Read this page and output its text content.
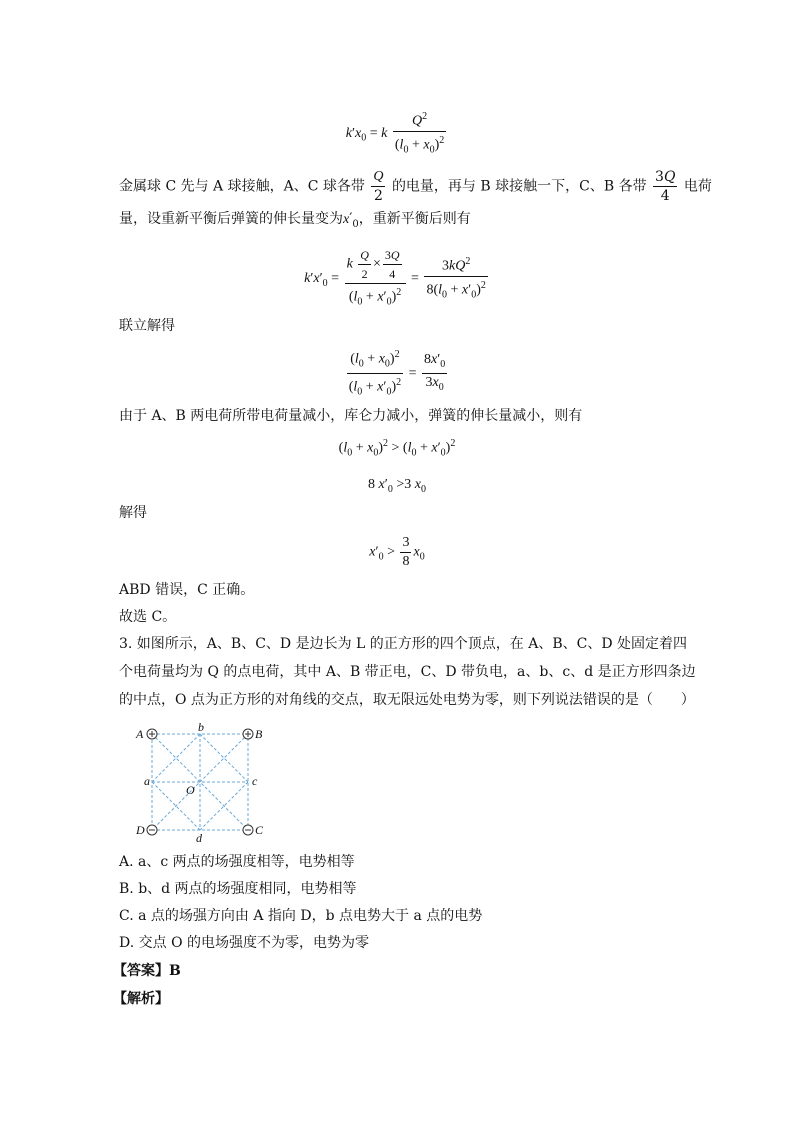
$k'x_0 = k \frac{Q^2}{(l_0 + x_0)^2}$
金属球 C 先与 A 球接触，A、C 球各带 $\frac{Q}{2}$ 的电量，再与 B 球接触一下，C、B 各带 $\frac{3Q}{4}$ 电荷
量，设重新平衡后弹簧的伸长量变为$x'_0$，重新平衡后则有
$k'x'_0 = \frac{k \frac{Q}{2} \times \frac{3Q}{4}}{(l_0 + x'_0)^2} = \frac{3kQ^2}{8(l_0 + x'_0)^2}$
联立解得
$\frac{(l_0 + x_0)^2}{(l_0 + x'_0)^2} = \frac{8x'_0}{3x_0}$
由于 A、B 两电荷所带电荷量减小，库仑力减小，弹簧的伸长量减小，则有
$(l_0 + x_0)^2 > (l_0 + x'_0)^2$
8 $x'_0 >3$ $x_0$
解得
$x'_0 > \frac{3}{8} x_0$
ABD 错误，C 正确。
故选 C。
3. 如图所示，A、B、C、D 是边长为 L 的正方形的四个顶点，在 A、B、C、D 处固定着四
个电荷量均为 Q 的点电荷，其中 A、B 带正电，C、D 带负电，a、b、c、d 是正方形四条边
的中点，O 点为正方形的对角线的交点，取无限远处电势为零，则下列说法错误的是（　　）
A	B
C
D
a
b
c
d
O
A. a、c 两点的场强度相等，电势相等
B. b、d 两点的场强度相同，电势相等
C. a 点的场强方向由 A 指向 D，b 点电势大于 a 点的电势
D. 交点 O 的电场强度不为零，电势为零
【答案】B
【解析】
